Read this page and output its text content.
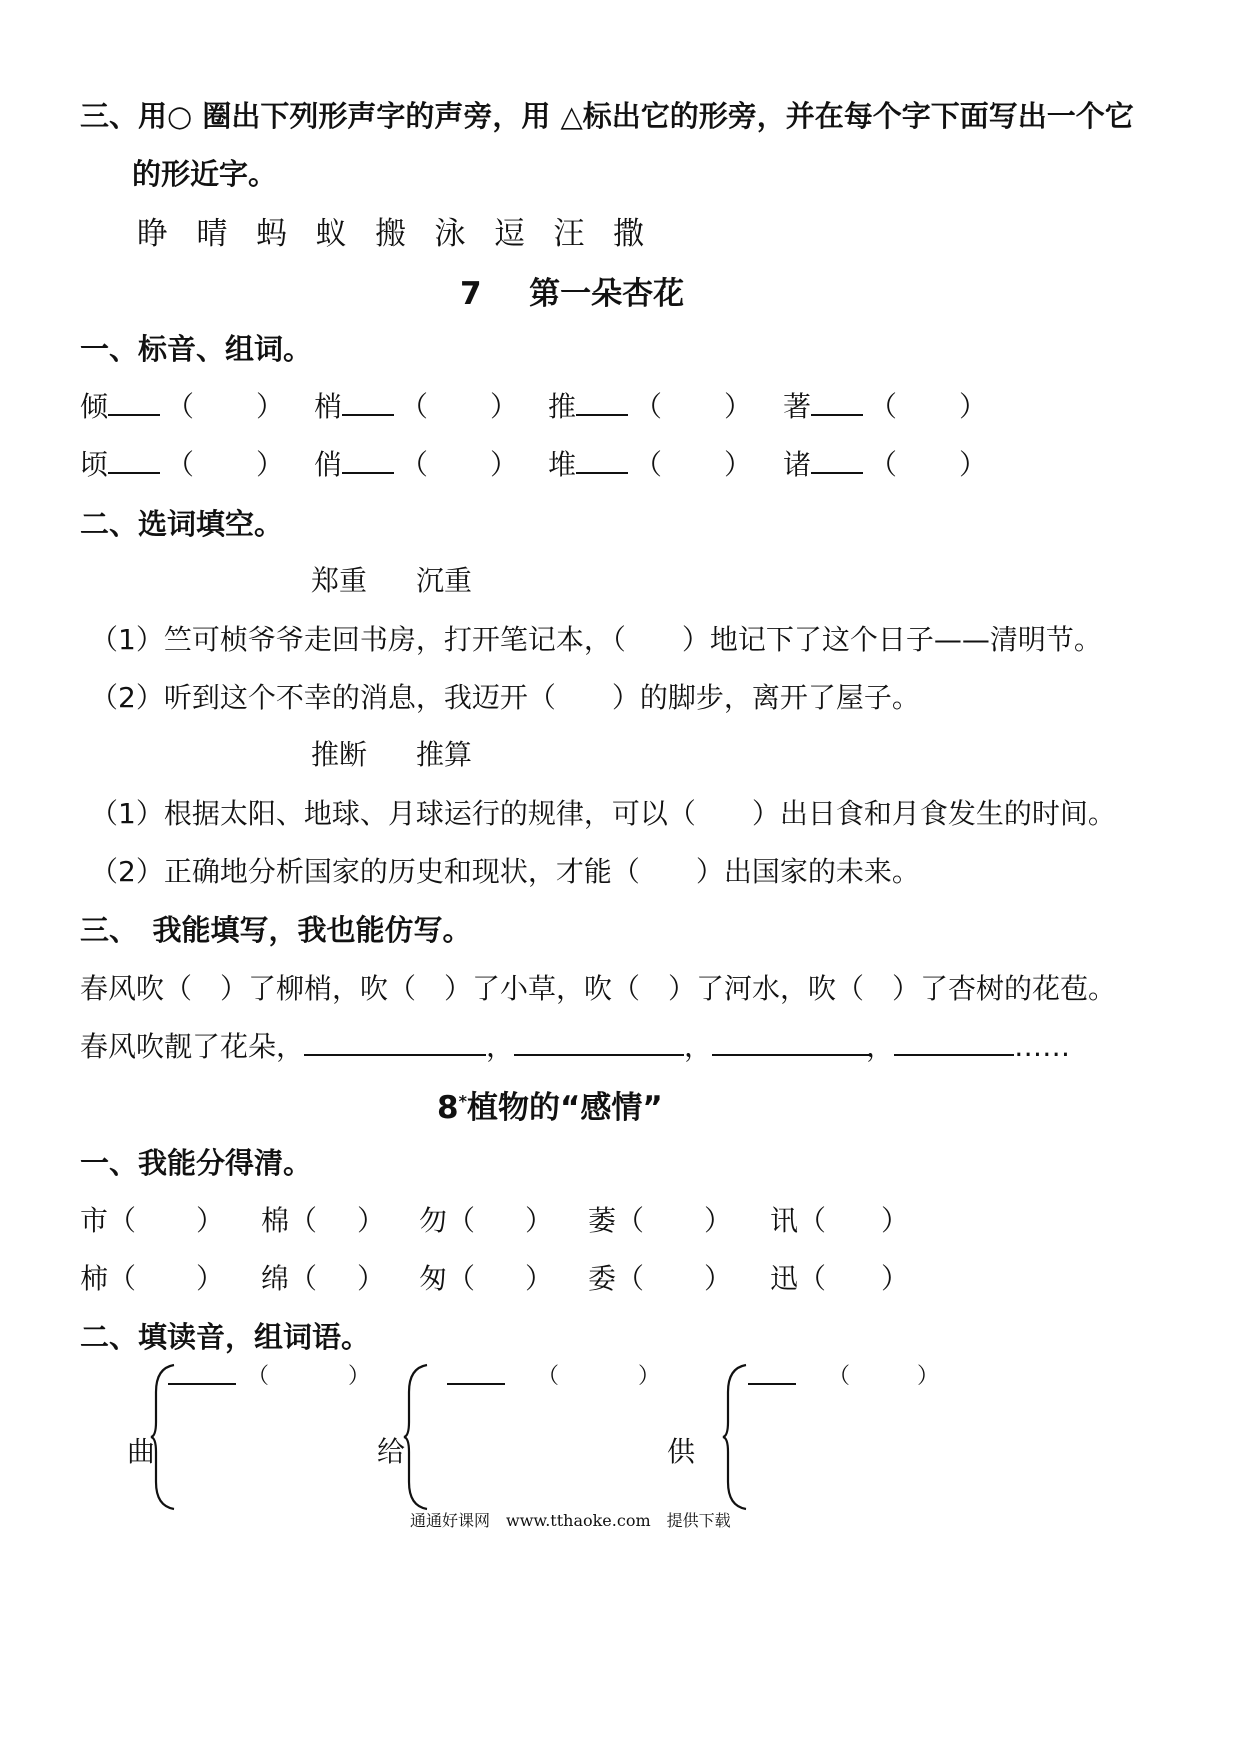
三、用○ 圈出下列形声字的声旁，用 △标出它的形旁，并在每个字下面写出一个它
的形近字。
睁 晴 蚂 蚁 搬 泳 逗 汪 撒
7 第一朵杏花
一、标音、组词。
倾 （ ） 梢 （ ） 推 （ ） 著 （ ）
顷 （ ） 俏 （ ） 堆 （ ） 诸 （ ）
二、选词填空。
郑重 沉重
（1）竺可桢爷爷走回书房，打开笔记本，（　　）地记下了这个日子——清明节。
（2）听到这个不幸的消息，我迈开（　　）的脚步，离开了屋子。
推断 推算
（1）根据太阳、地球、月球运行的规律，可以（　　）出日食和月食发生的时间。
（2）正确地分析国家的历史和现状，才能（　　）出国家的未来。
三、　我能填写，我也能仿写。
春风吹（　）了柳梢，吹（　）了小草，吹（　）了河水，吹（　）了杏树的花苞。
春风吹靓了花朵，	，	，	，	……
8*植物的“感情”
一、我能分得清。
市（ ） 棉（ ） 勿（ ） 萎（ ） 讯（ ）
柿（ ） 绵（ ） 匆（ ） 委（ ） 迅（ ）
二、填读音，组词语。
曲
（	）
给
（	）
供
（	）
通通好课网　www.tthaoke.com　提供下载
